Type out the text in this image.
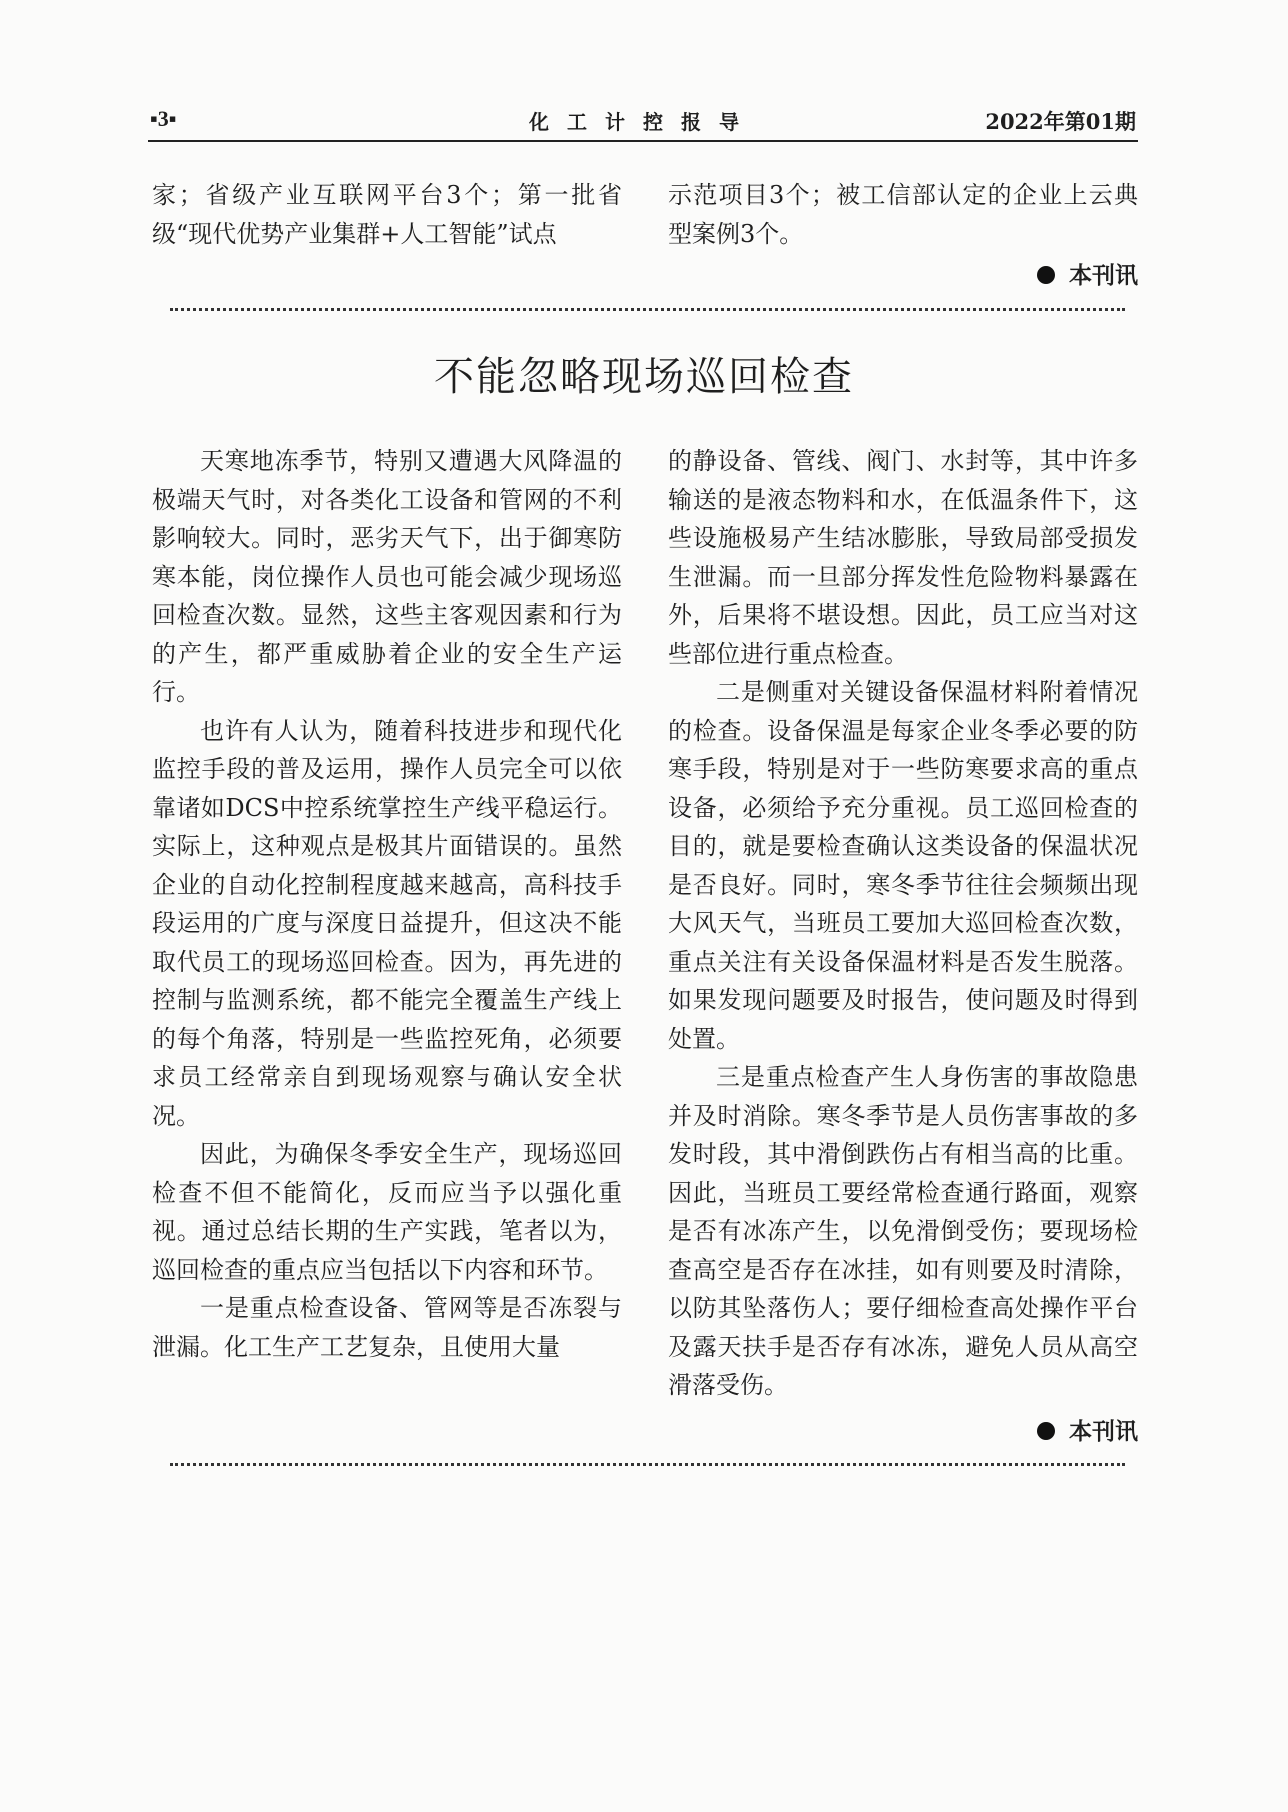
▪3▪	化工计控报导	2022年第01期

家；省级产业互联网平台3个；第一批省级“现代优势产业集群+人工智能”试点

示范项目3个；被工信部认定的企业上云典型案例3个。

本刊讯
不能忽略现场巡回检查

天寒地冻季节，特别又遭遇大风降温的极端天气时，对各类化工设备和管网的不利影响较大。同时，恶劣天气下，出于御寒防寒本能，岗位操作人员也可能会减少现场巡回检查次数。显然，这些主客观因素和行为的产生，都严重威胁着企业的安全生产运行。

也许有人认为，随着科技进步和现代化监控手段的普及运用，操作人员完全可以依靠诸如DCS中控系统掌控生产线平稳运行。实际上，这种观点是极其片面错误的。虽然企业的自动化控制程度越来越高，高科技手段运用的广度与深度日益提升，但这决不能取代员工的现场巡回检查。因为，再先进的控制与监测系统，都不能完全覆盖生产线上的每个角落，特别是一些监控死角，必须要求员工经常亲自到现场观察与确认安全状况。

因此，为确保冬季安全生产，现场巡回检查不但不能简化，反而应当予以强化重视。通过总结长期的生产实践，笔者以为，巡回检查的重点应当包括以下内容和环节。

一是重点检查设备、管网等是否冻裂与泄漏。化工生产工艺复杂，且使用大量

的静设备、管线、阀门、水封等，其中许多输送的是液态物料和水，在低温条件下，这些设施极易产生结冰膨胀，导致局部受损发生泄漏。而一旦部分挥发性危险物料暴露在外，后果将不堪设想。因此，员工应当对这些部位进行重点检查。

二是侧重对关键设备保温材料附着情况的检查。设备保温是每家企业冬季必要的防寒手段，特别是对于一些防寒要求高的重点设备，必须给予充分重视。员工巡回检查的目的，就是要检查确认这类设备的保温状况是否良好。同时，寒冬季节往往会频频出现大风天气，当班员工要加大巡回检查次数，重点关注有关设备保温材料是否发生脱落。如果发现问题要及时报告，使问题及时得到处置。

三是重点检查产生人身伤害的事故隐患并及时消除。寒冬季节是人员伤害事故的多发时段，其中滑倒跌伤占有相当高的比重。因此，当班员工要经常检查通行路面，观察是否有冰冻产生，以免滑倒受伤；要现场检查高空是否存在冰挂，如有则要及时清除，以防其坠落伤人；要仔细检查高处操作平台及露天扶手是否存有冰冻，避免人员从高空滑落受伤。

本刊讯
